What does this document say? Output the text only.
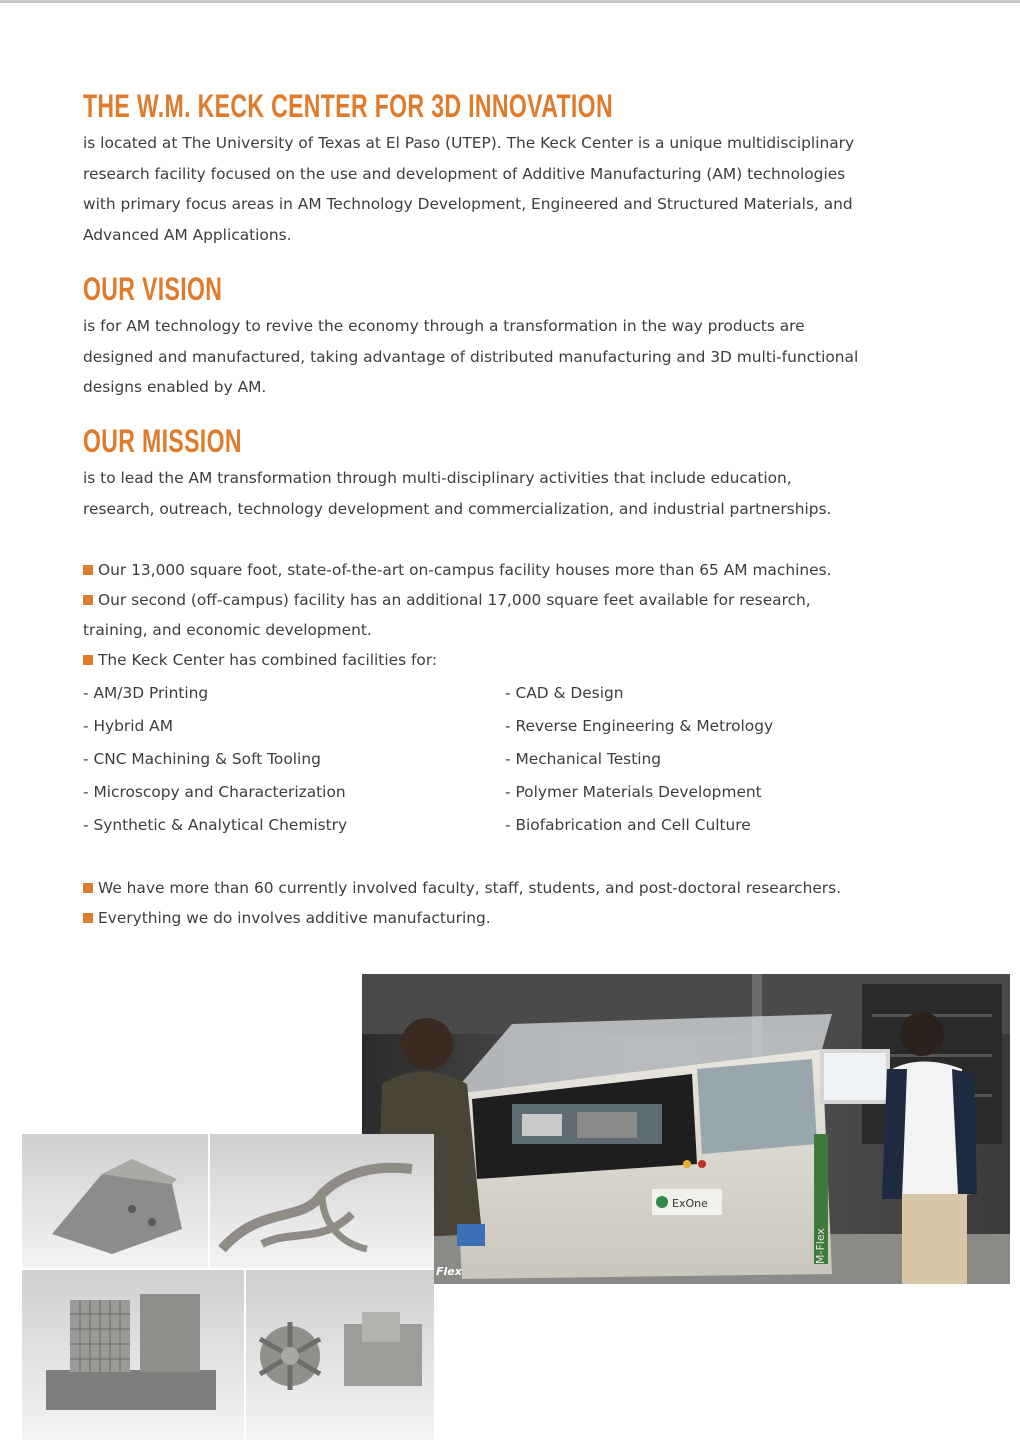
THE W.M. KECK CENTER FOR 3D INNOVATION

is located at The University of Texas at El Paso (UTEP). The Keck Center is a unique multidisciplinary
research facility focused on the use and development of Additive Manufacturing (AM) technologies
with primary focus areas in AM Technology Development, Engineered and Structured Materials, and
Advanced AM Applications.

OUR VISION

is for AM technology to revive the economy through a transformation in the way products are
designed and manufactured, taking advantage of distributed manufacturing and 3D multi-functional
designs enabled by AM.

OUR MISSION

is to lead the AM transformation through multi-disciplinary activities that include education,
research, outreach, technology development and commercialization, and industrial partnerships.

Our 13,000 square foot, state-of-the-art on-campus facility houses more than 65 AM machines.

Our second (off-campus) facility has an additional 17,000 square feet available for research,

training, and economic development.

The Keck Center has combined facilities for:

- AM/3D Printing

- Hybrid AM

- CNC Machining & Soft Tooling

- Microscopy and Characterization

- Synthetic & Analytical Chemistry

- CAD & Design

- Reverse Engineering & Metrology

- Mechanical Testing

- Polymer Materials Development

- Biofabrication and Cell Culture

We have more than 60 currently involved faculty, staff, students, and post-doctoral researchers.

Everything we do involves additive manufacturing.

ExOne
M-Flex
Flex
